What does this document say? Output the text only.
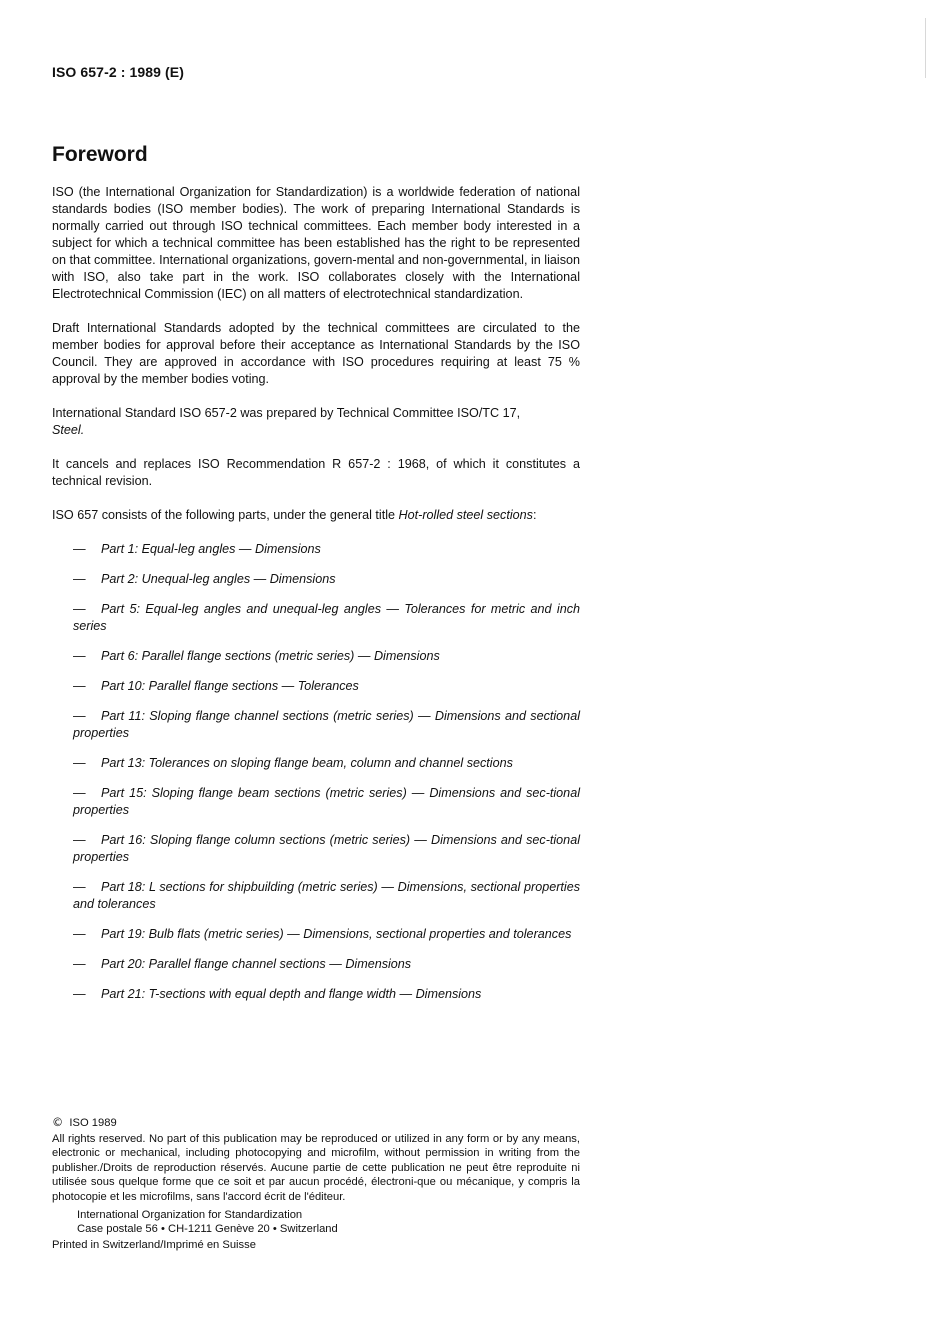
ISO 657-2 : 1989 (E)
Foreword

ISO (the International Organization for Standardization) is a worldwide federation of national standards bodies (ISO member bodies). The work of preparing International Standards is normally carried out through ISO technical committees. Each member body interested in a subject for which a technical committee has been established has the right to be represented on that committee. International organizations, govern-mental and non-governmental, in liaison with ISO, also take part in the work. ISO collaborates closely with the International Electrotechnical Commission (IEC) on all matters of electrotechnical standardization.

Draft International Standards adopted by the technical committees are circulated to the member bodies for approval before their acceptance as International Standards by the ISO Council. They are approved in accordance with ISO procedures requiring at least 75 % approval by the member bodies voting.

International Standard ISO 657-2 was prepared by Technical Committee ISO/TC 17,
Steel.

It cancels and replaces ISO Recommendation R 657-2 : 1968, of which it constitutes a technical revision.

ISO 657 consists of the following parts, under the general title Hot-rolled steel sections:

— Part 1: Equal-leg angles — Dimensions
— Part 2: Unequal-leg angles — Dimensions
— Part 5: Equal-leg angles and unequal-leg angles — Tolerances for metric and inch series
— Part 6: Parallel flange sections (metric series) — Dimensions
— Part 10: Parallel flange sections — Tolerances
— Part 11: Sloping flange channel sections (metric series) — Dimensions and sectional properties
— Part 13: Tolerances on sloping flange beam, column and channel sections
— Part 15: Sloping flange beam sections (metric series) — Dimensions and sec-tional properties
— Part 16: Sloping flange column sections (metric series) — Dimensions and sec-tional properties
— Part 18: L sections for shipbuilding (metric series) — Dimensions, sectional properties and tolerances
— Part 19: Bulb flats (metric series) — Dimensions, sectional properties and tolerances
— Part 20: Parallel flange channel sections — Dimensions
— Part 21: T-sections with equal depth and flange width — Dimensions

© ISO 1989

All rights reserved. No part of this publication may be reproduced or utilized in any form or by any means, electronic or mechanical, including photocopying and microfilm, without permission in writing from the publisher./Droits de reproduction réservés. Aucune partie de cette publication ne peut être reproduite ni utilisée sous quelque forme que ce soit et par aucun procédé, électroni-que ou mécanique, y compris la photocopie et les microfilms, sans l'accord écrit de l'éditeur.

International Organization for Standardization

Case postale 56 • CH-1211 Genève 20 • Switzerland

Printed in Switzerland/Imprimé en Suisse
